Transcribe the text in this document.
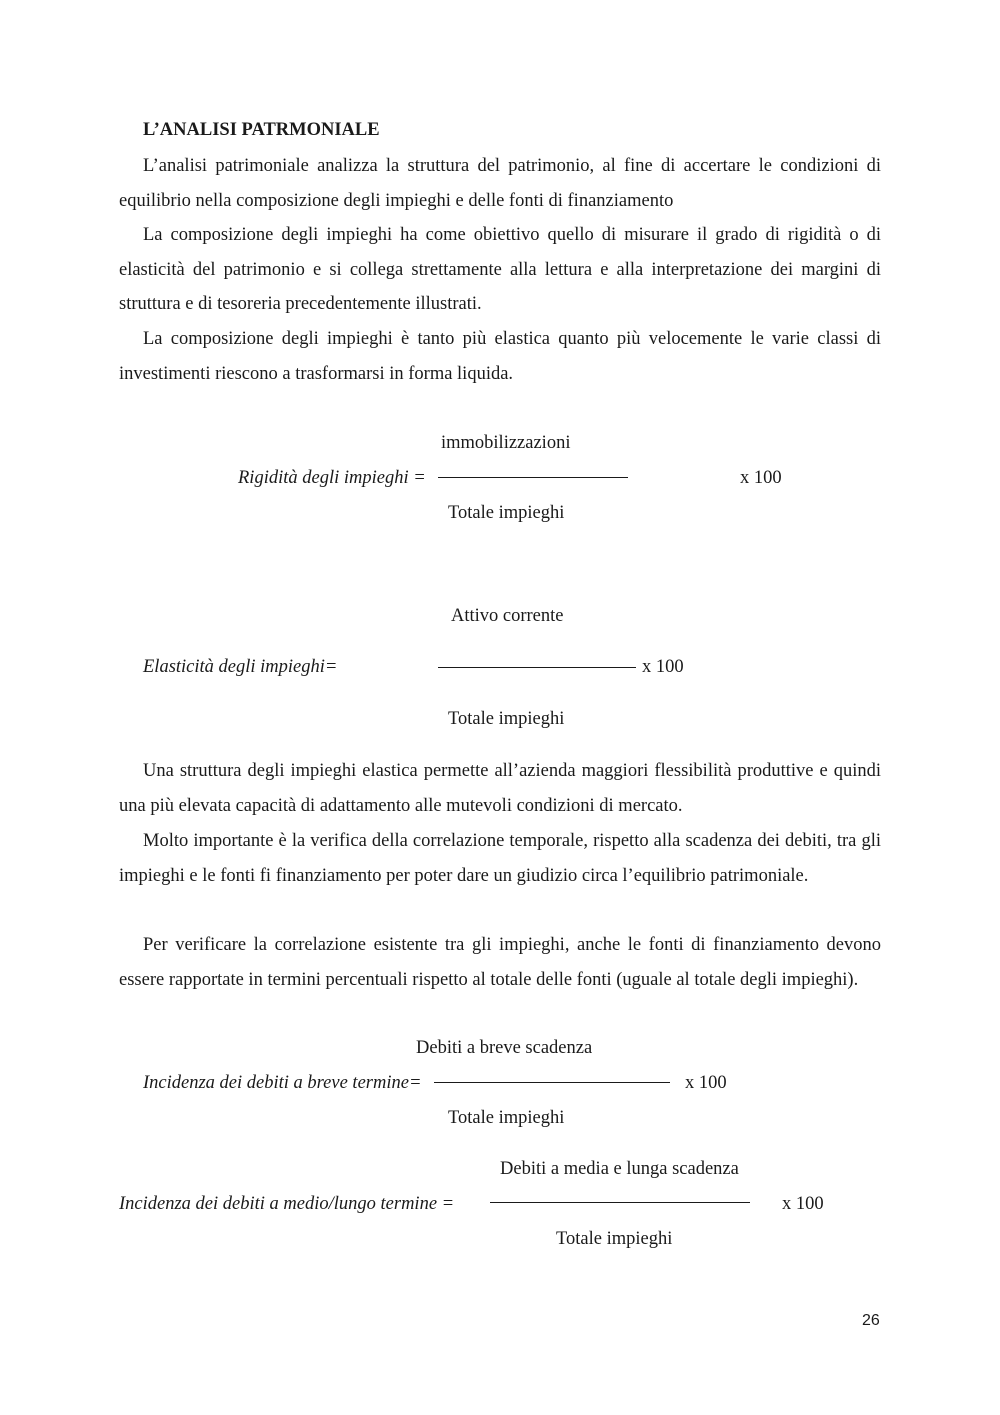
L’ANALISI PATRMONIALE
L’analisi patrimoniale analizza la struttura del patrimonio, al fine di accertare le condizioni di equilibrio nella composizione degli impieghi e delle fonti di finanziamento
La composizione degli impieghi ha come obiettivo quello di misurare il grado di rigidità o di elasticità del patrimonio e si collega strettamente alla lettura e alla interpretazione dei margini di struttura e di tesoreria precedentemente illustrati.
La composizione degli impieghi è tanto più elastica quanto più velocemente le varie classi di investimenti riescono a trasformarsi in forma liquida.
immobilizzazioni
Rigidità degli impieghi =	x 100
Totale impieghi
Attivo corrente
Elasticità degli impieghi=	x 100
Totale impieghi
Una struttura degli impieghi elastica permette all’azienda maggiori flessibilità produttive e quindi una più elevata capacità di adattamento alle mutevoli condizioni di mercato.
Molto importante è la verifica della correlazione temporale, rispetto alla scadenza dei debiti, tra gli impieghi e le fonti fi finanziamento per poter dare un giudizio circa l’equilibrio patrimoniale.
Per verificare la correlazione esistente tra gli impieghi, anche le fonti di finanziamento devono essere rapportate in termini percentuali rispetto al totale delle fonti (uguale al totale degli impieghi).
Debiti a breve scadenza
Incidenza dei debiti a breve termine=	x 100
Totale impieghi
Debiti a media e lunga scadenza
Incidenza dei debiti a medio/lungo termine =	x 100
Totale impieghi
26
